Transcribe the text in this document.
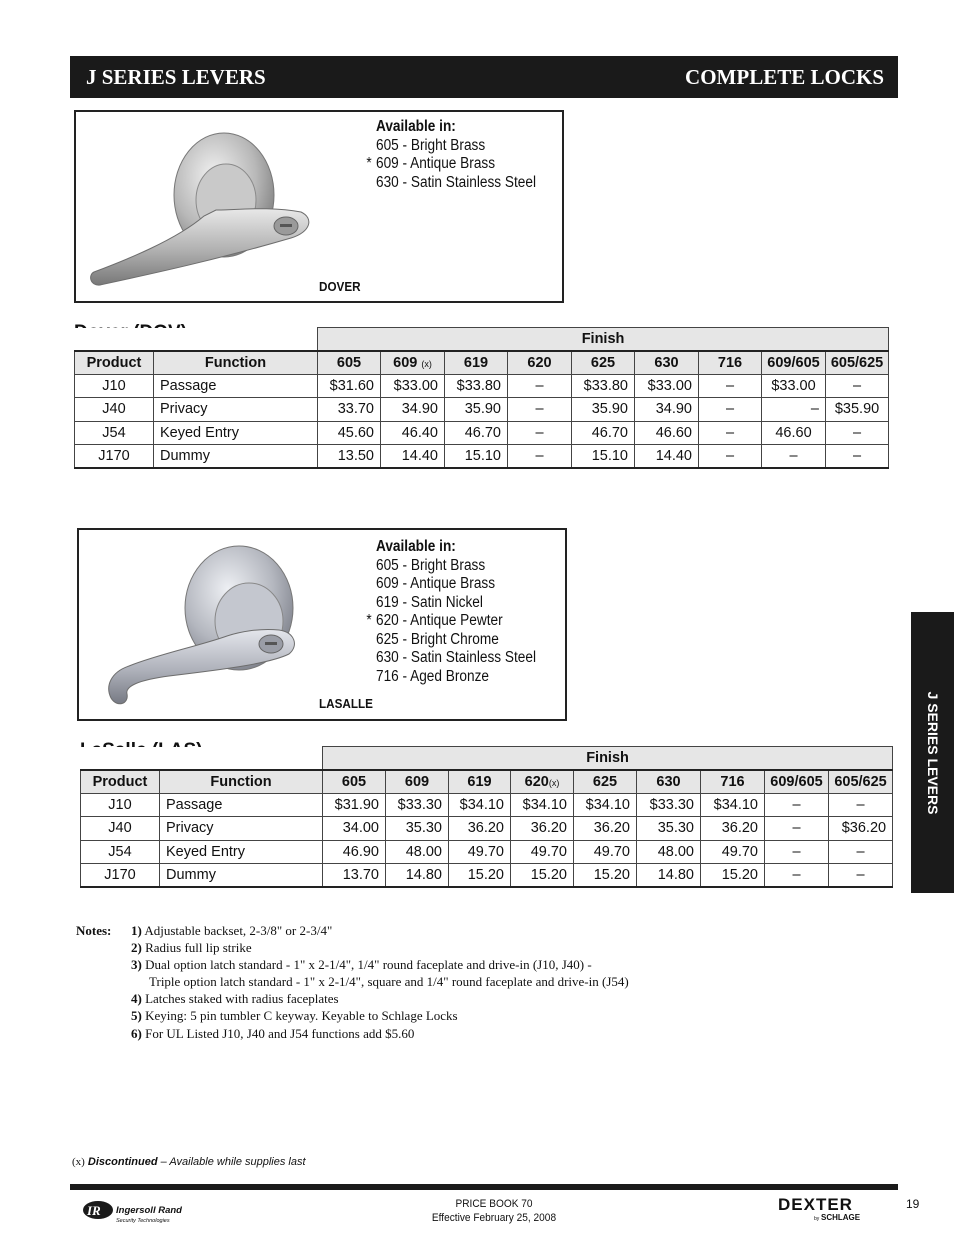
J SERIES LEVERS	COMPLETE LOCKS
J SERIES LEVERS
Available in:
605 - Bright Brass
* 609 - Antique Brass
630 - Satin Stainless Steel
DOVER
		Finish								
Product	Function	605	609 (x)	619	620	625	630	716	609/605	605/625
J10	Passage	$31.60	$33.00	$33.80	–	$33.80	$33.00	–	$33.00	–
J40	Privacy	33.70	34.90	35.90	–	35.90	34.90	–	–	$35.90
J54	Keyed Entry	45.60	46.40	46.70	–	46.70	46.60	–	46.60	–
J170	Dummy	13.50	14.40	15.10	–	15.10	14.40	–	–	–
Available in:
605 - Bright Brass
609 - Antique Brass
619 - Satin Nickel
* 620 - Antique Pewter
625 - Bright Chrome
630 - Satin Stainless Steel
716 - Aged Bronze
LASALLE
		Finish								
Product	Function	605	609	619	620(x)	625	630	716	609/605	605/625
J10	Passage	$31.90	$33.30	$34.10	$34.10	$34.10	$33.30	$34.10	–	–
J40	Privacy	34.00	35.30	36.20	36.20	36.20	35.30	36.20	–	$36.20
J54	Keyed Entry	46.90	48.00	49.70	49.70	49.70	48.00	49.70	–	–
J170	Dummy	13.70	14.80	15.20	15.20	15.20	14.80	15.20	–	–
Notes: 1) Adjustable backset, 2-3/8" or 2-3/4"
2) Radius full lip strike
3) Dual option latch standard - 1" x 2-1/4", 1/4" round faceplate and drive-in (J10, J40) -
Triple option latch standard - 1" x 2-1/4", square and 1/4" round faceplate and drive-in (J54)
4) Latches staked with radius faceplates
5) Keying: 5 pin tumbler C keyway. Keyable to Schlage Locks
6) For UL Listed J10, J40 and J54 functions add $5.60
(x) Discontinued – Available while supplies last
IR Ingersoll Rand
Security Technologies
PRICE BOOK 70
Effective February 25, 2008
DEXTER
by SCHLAGE
19
